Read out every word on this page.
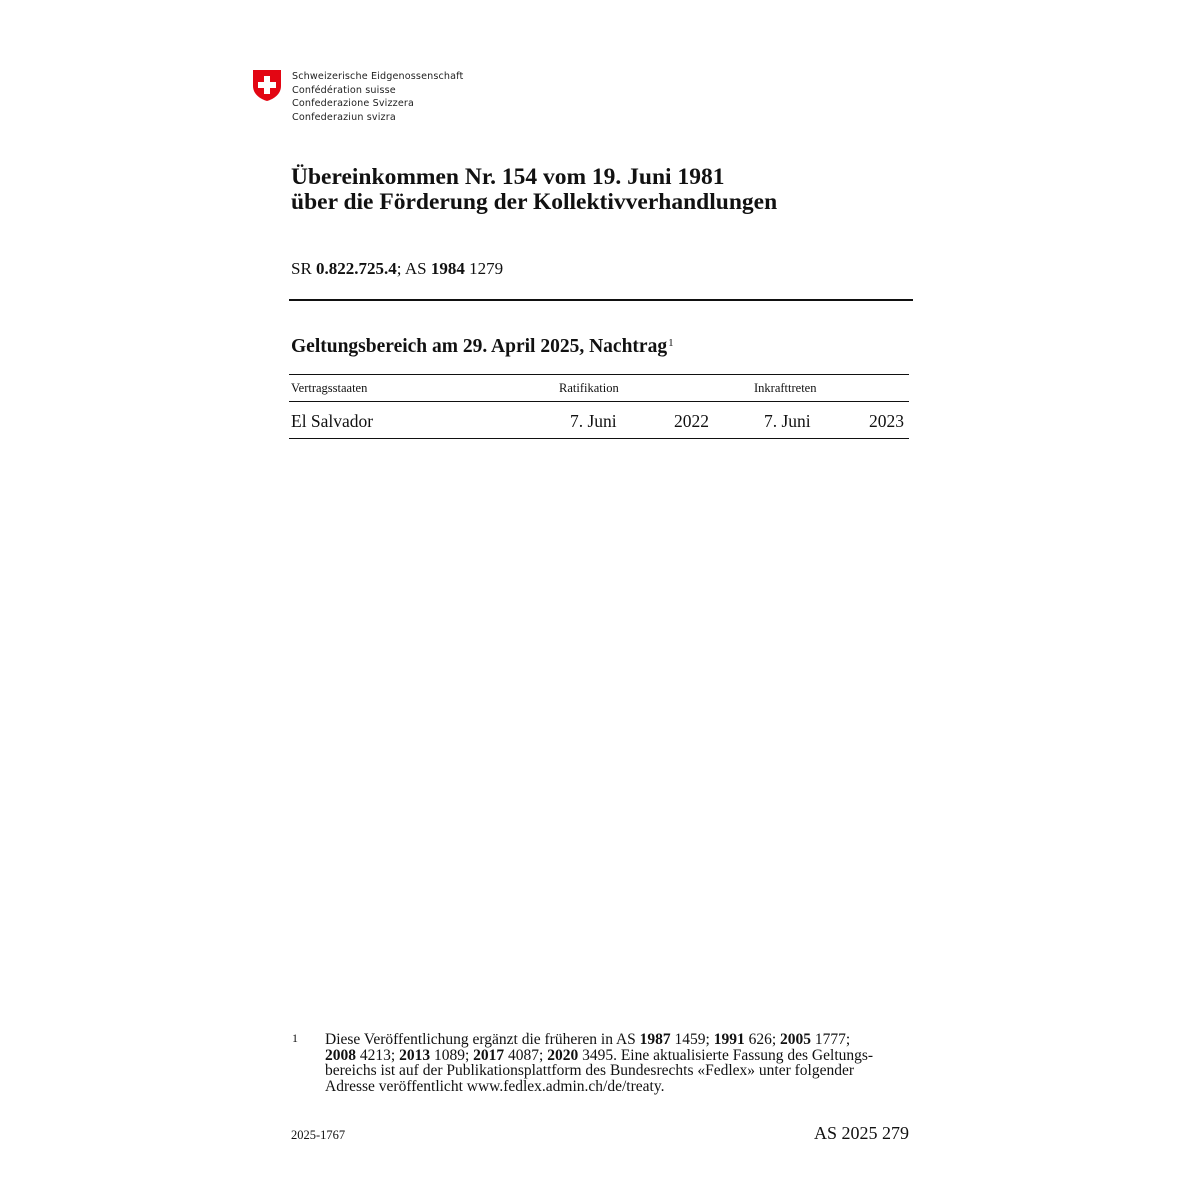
Schweizerische Eidgenossenschaft
Confédération suisse
Confederazione Svizzera
Confederaziun svizra
Übereinkommen Nr. 154 vom 19. Juni 1981
über die Förderung der Kollektivverhandlungen
SR 0.822.725.4; AS 1984 1279
Geltungsbereich am 29. April 2025, Nachtrag$^1$
Vertragsstaaten	Ratifikation	Inkrafttreten
El Salvador	7. Juni	2022	7. Juni	2023
1 Diese Veröffentlichung ergänzt die früheren in AS 1987 1459; 1991 626; 2005 1777;
2008 4213; 2013 1089; 2017 4087; 2020 3495. Eine aktualisierte Fassung des Geltungs-
bereichs ist auf der Publikationsplattform des Bundesrechts «Fedlex» unter folgender
Adresse veröffentlicht www.fedlex.admin.ch/de/treaty.
2025-1767	AS 2025 279
